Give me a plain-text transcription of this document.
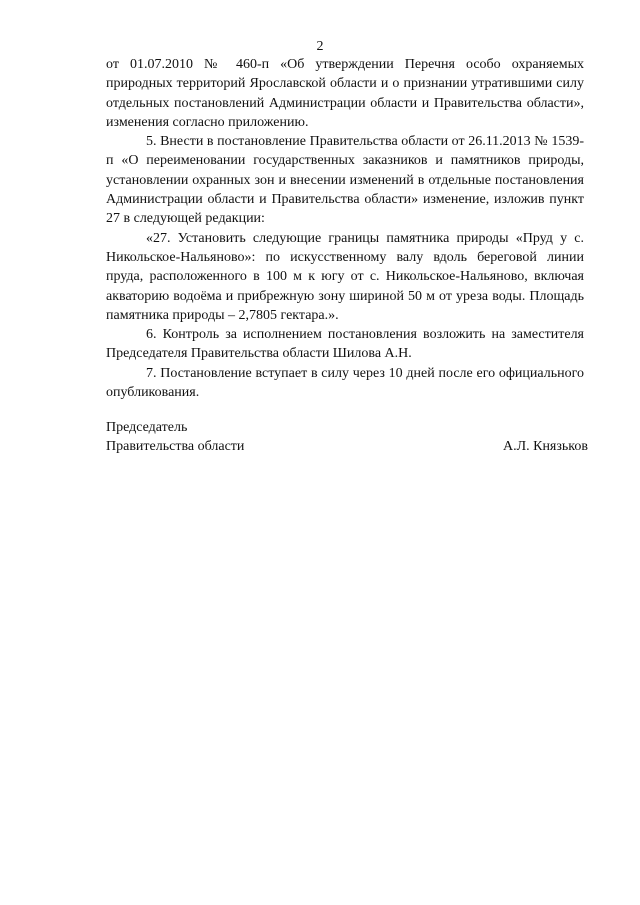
2

от 01.07.2010 № 460-п «Об утверждении Перечня особо охраняемых природных территорий Ярославской области и о признании утратившими силу отдельных постановлений Администрации области и Правительства области», изменения согласно приложению.

5. Внести в постановление Правительства области от 26.11.2013 № 1539-п «О переименовании государственных заказников и памятников природы, установлении охранных зон и внесении изменений в отдельные постановления Администрации области и Правительства области» изменение, изложив пункт 27 в следующей редакции:

«27. Установить следующие границы памятника природы «Пруд у с. Никольское-Нальяново»: по искусственному валу вдоль береговой линии пруда, расположенного в 100 м к югу от с. Никольское-Нальяново, включая акваторию водоёма и прибрежную зону шириной 50 м от уреза воды. Площадь памятника природы – 2,7805 гектара.».

6. Контроль за исполнением постановления возложить на заместителя Председателя Правительства области Шилова А.Н.

7. Постановление вступает в силу через 10 дней после его официального опубликования.

Председатель
Правительства области	А.Л. Князьков
